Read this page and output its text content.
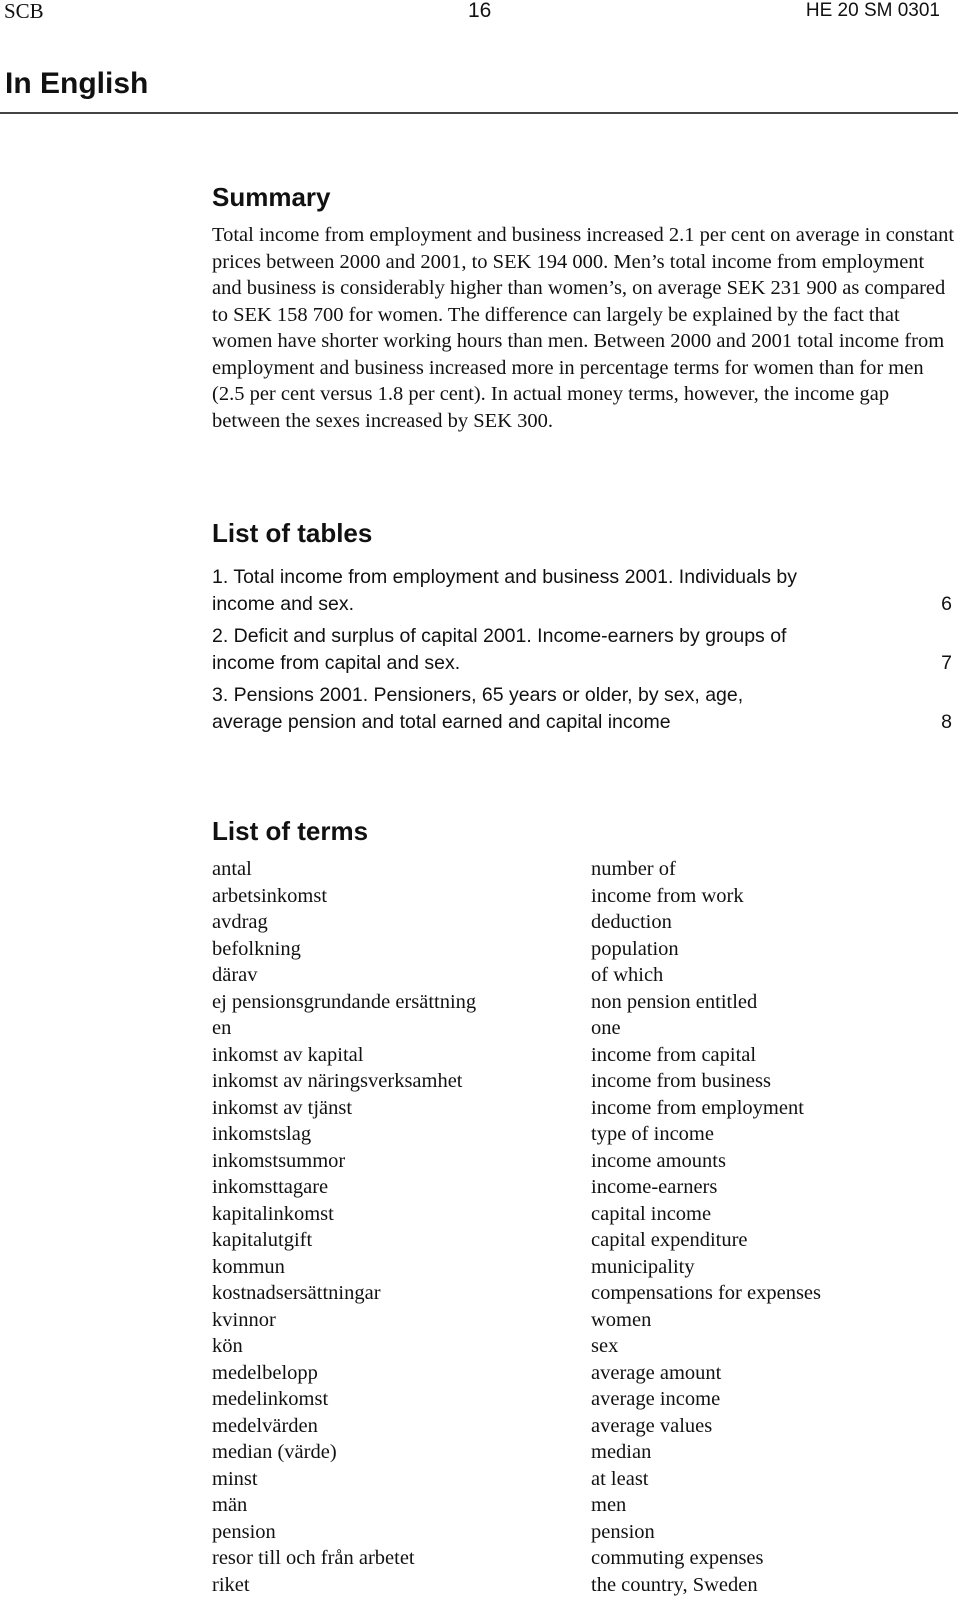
SCB	16	HE 20 SM 0301
In English
Summary

Total income from employment and business increased 2.1 per cent on average in constant prices between 2000 and 2001, to SEK 194 000. Men’s total income from employment and business is considerably higher than women’s, on average SEK 231 900 as compared to SEK 158 700 for women. The difference can largely be explained by the fact that women have shorter working hours than men. Between 2000 and 2001 total income from employment and business increased more in percentage terms for women than for men (2.5 per cent versus 1.8 per cent). In actual money terms, however, the income gap between the sexes increased by SEK 300.

List of tables
1. Total income from employment and business 2001. Individuals by
income and sex.	6
2. Deficit and surplus of capital 2001. Income-earners by groups of
income from capital and sex.	7
3. Pensions 2001. Pensioners, 65 years or older, by sex, age,
average pension and total earned and capital income	8
List of terms
antal	number of
arbetsinkomst	income from work
avdrag	deduction
befolkning	population
därav	of which
ej pensionsgrundande ersättning	non pension entitled
en	one
inkomst av kapital	income from capital
inkomst av näringsverksamhet	income from business
inkomst av tjänst	income from employment
inkomstslag	type of income
inkomstsummor	income amounts
inkomsttagare	income-earners
kapitalinkomst	capital income
kapitalutgift	capital expenditure
kommun	municipality
kostnadsersättningar	compensations for expenses
kvinnor	women
kön	sex
medelbelopp	average amount
medelinkomst	average income
medelvärden	average values
median (värde)	median
minst	at least
män	men
pension	pension
resor till och från arbetet	commuting expenses
riket	the country, Sweden
